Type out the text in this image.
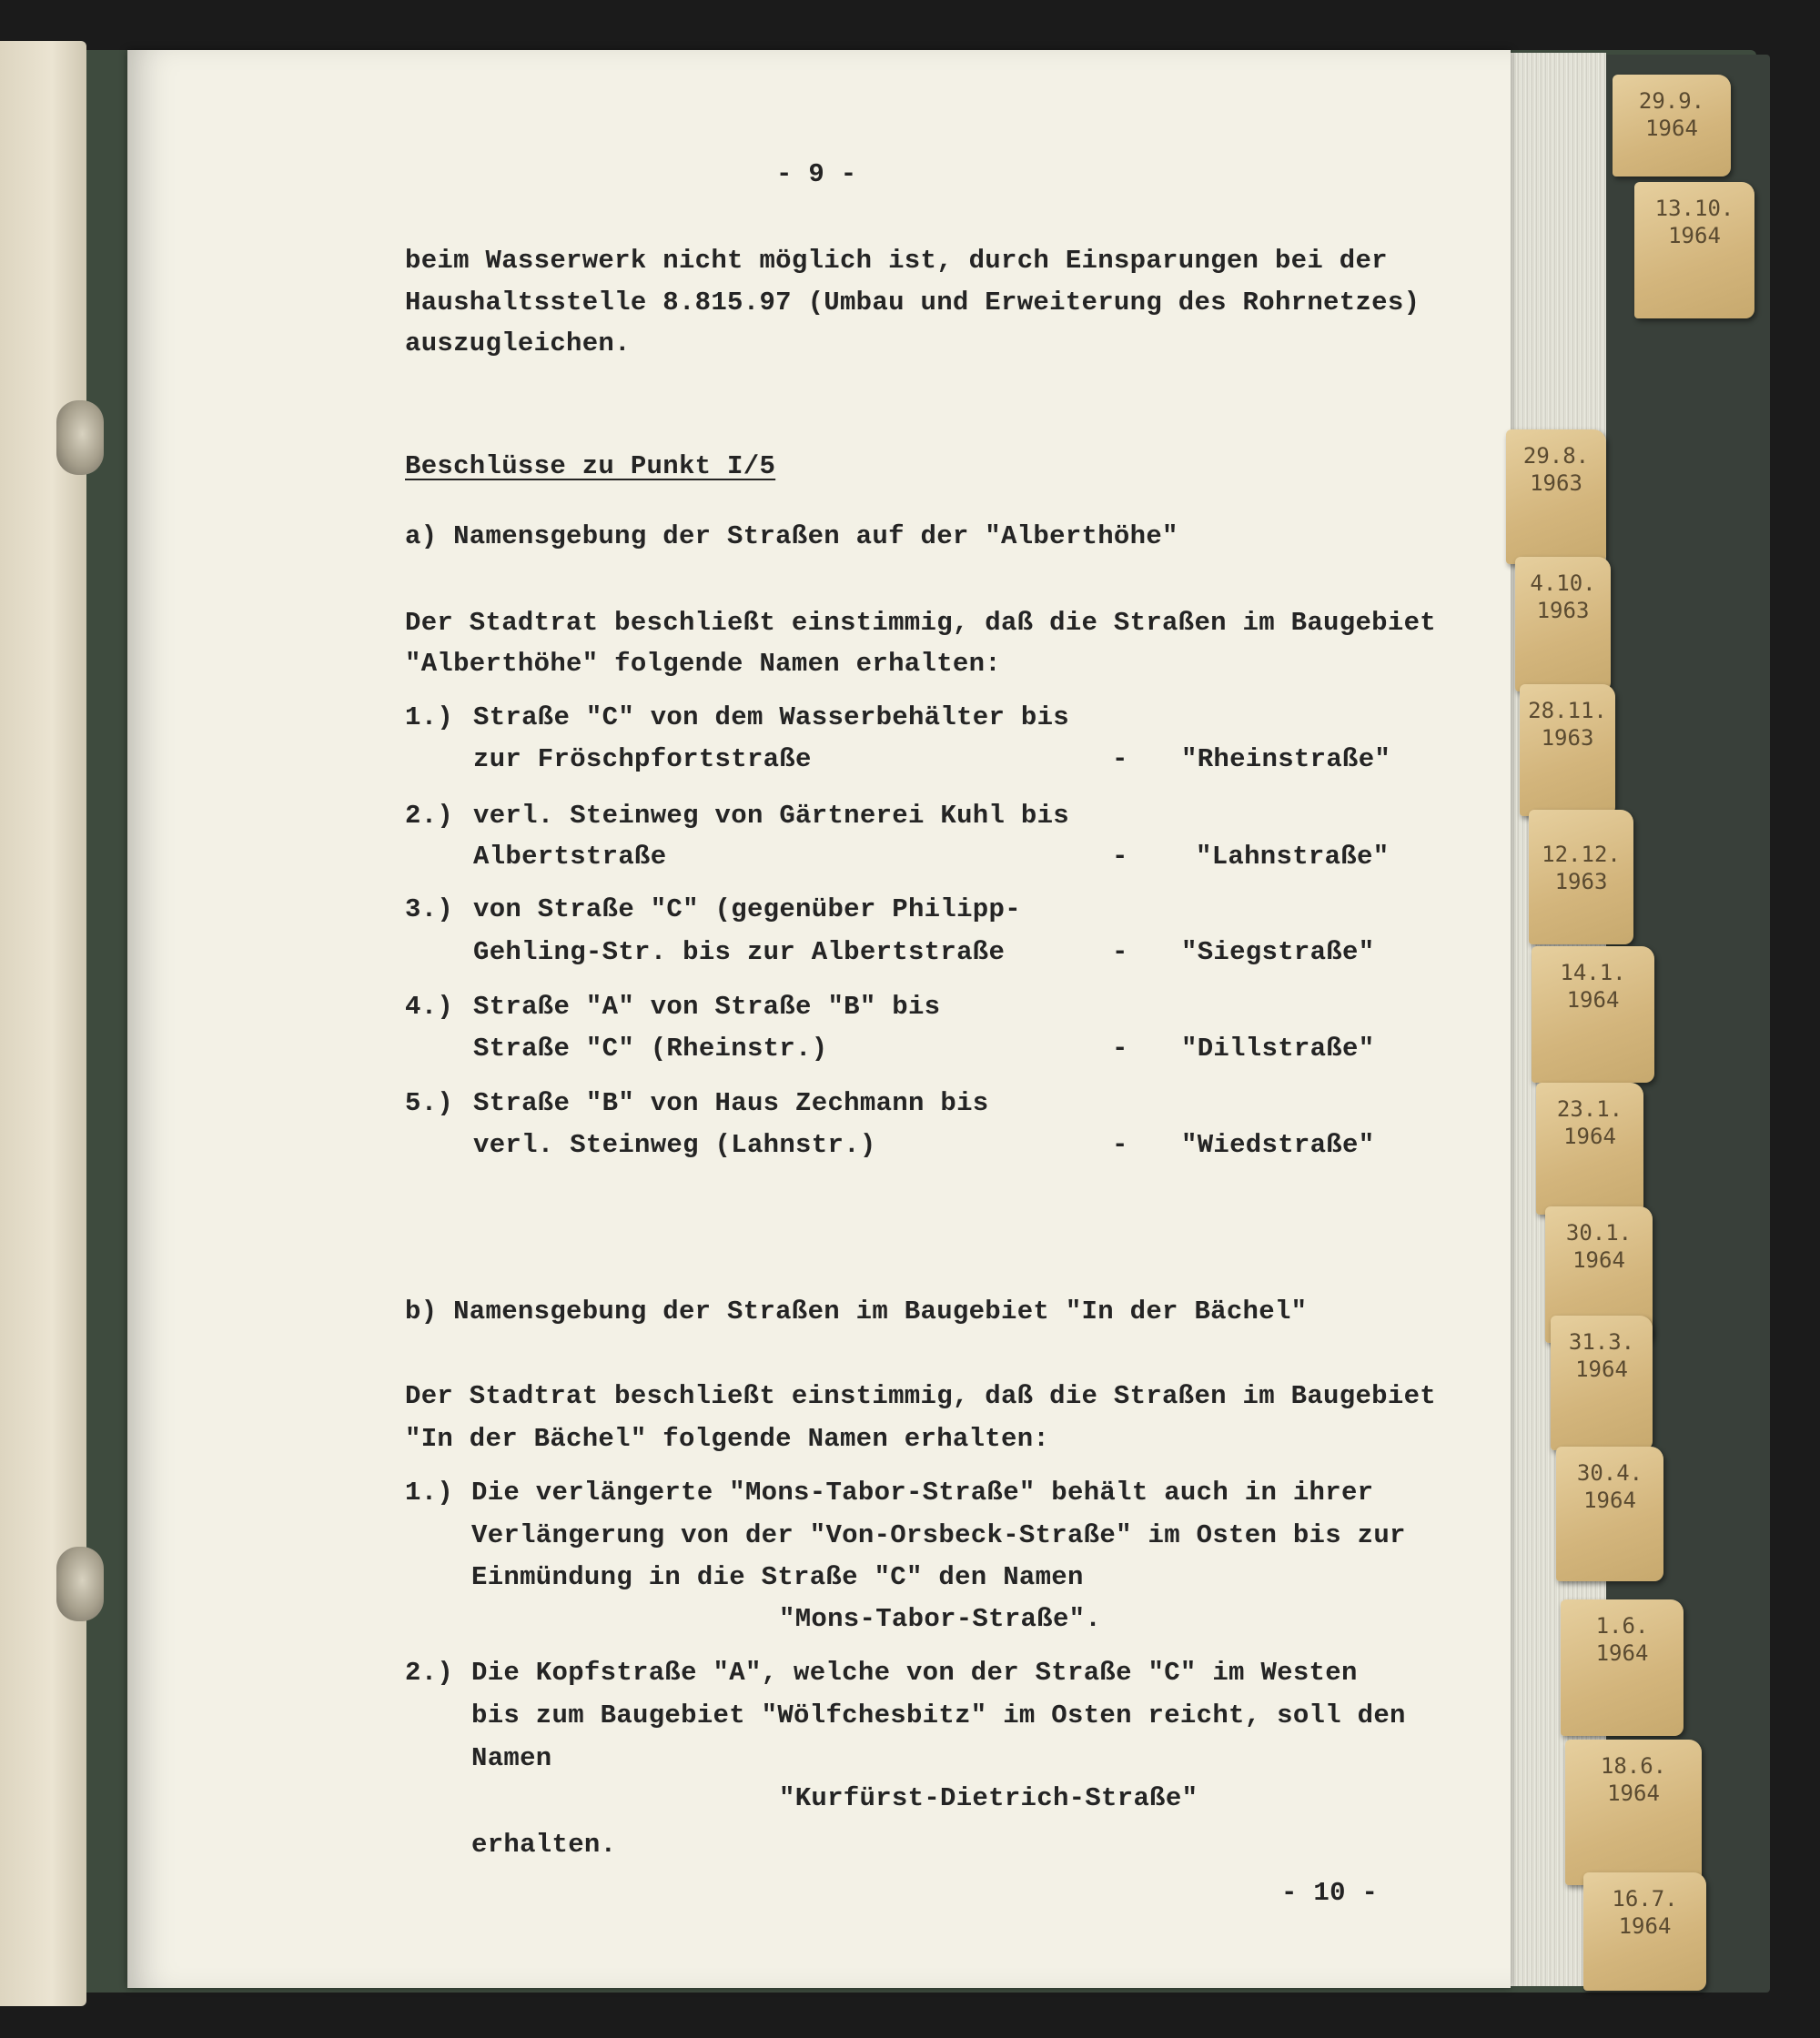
- 9 -
beim Wasserwerk nicht möglich ist, durch Einsparungen bei der
Haushaltsstelle 8.815.97 (Umbau und Erweiterung des Rohrnetzes)
auszugleichen.
Beschlüsse zu Punkt I/5
a) Namensgebung der Straßen auf der "Alberthöhe"
Der Stadtrat beschließt einstimmig, daß die Straßen im Baugebiet
"Alberthöhe" folgende Namen erhalten:
1.) Straße "C" von dem Wasserbehälter bis
zur Fröschpfortstraße	- "Rheinstraße"
2.) verl. Steinweg von Gärtnerei Kuhl bis
Albertstraße	-	"Lahnstraße"
3.) von Straße "C" (gegenüber Philipp-
Gehling-Str. bis zur Albertstraße	- "Siegstraße"
4.) Straße "A" von Straße "B" bis
Straße "C" (Rheinstr.)	- "Dillstraße"
5.) Straße "B" von Haus Zechmann bis
verl. Steinweg (Lahnstr.)	- "Wiedstraße"
b) Namensgebung der Straßen im Baugebiet "In der Bächel"
Der Stadtrat beschließt einstimmig, daß die Straßen im Baugebiet
"In der Bächel" folgende Namen erhalten:
1.) Die verlängerte "Mons-Tabor-Straße" behält auch in ihrer
Verlängerung von der "Von-Orsbeck-Straße" im Osten bis zur
Einmündung in die Straße "C" den Namen
"Mons-Tabor-Straße".
2.) Die Kopfstraße "A", welche von der Straße "C" im Westen
bis zum Baugebiet "Wölfchesbitz" im Osten reicht, soll den
Namen
"Kurfürst-Dietrich-Straße"
erhalten.
- 10 -
29.9.
1964
13.10.
1964
29.8.
1963
4.10.
1963
28.11.
1963
12.12.
1963
14.1.
1964
23.1.
1964
30.1.
1964
31.3.
1964
30.4.
1964
1.6.
1964
18.6.
1964
16.7.
1964
